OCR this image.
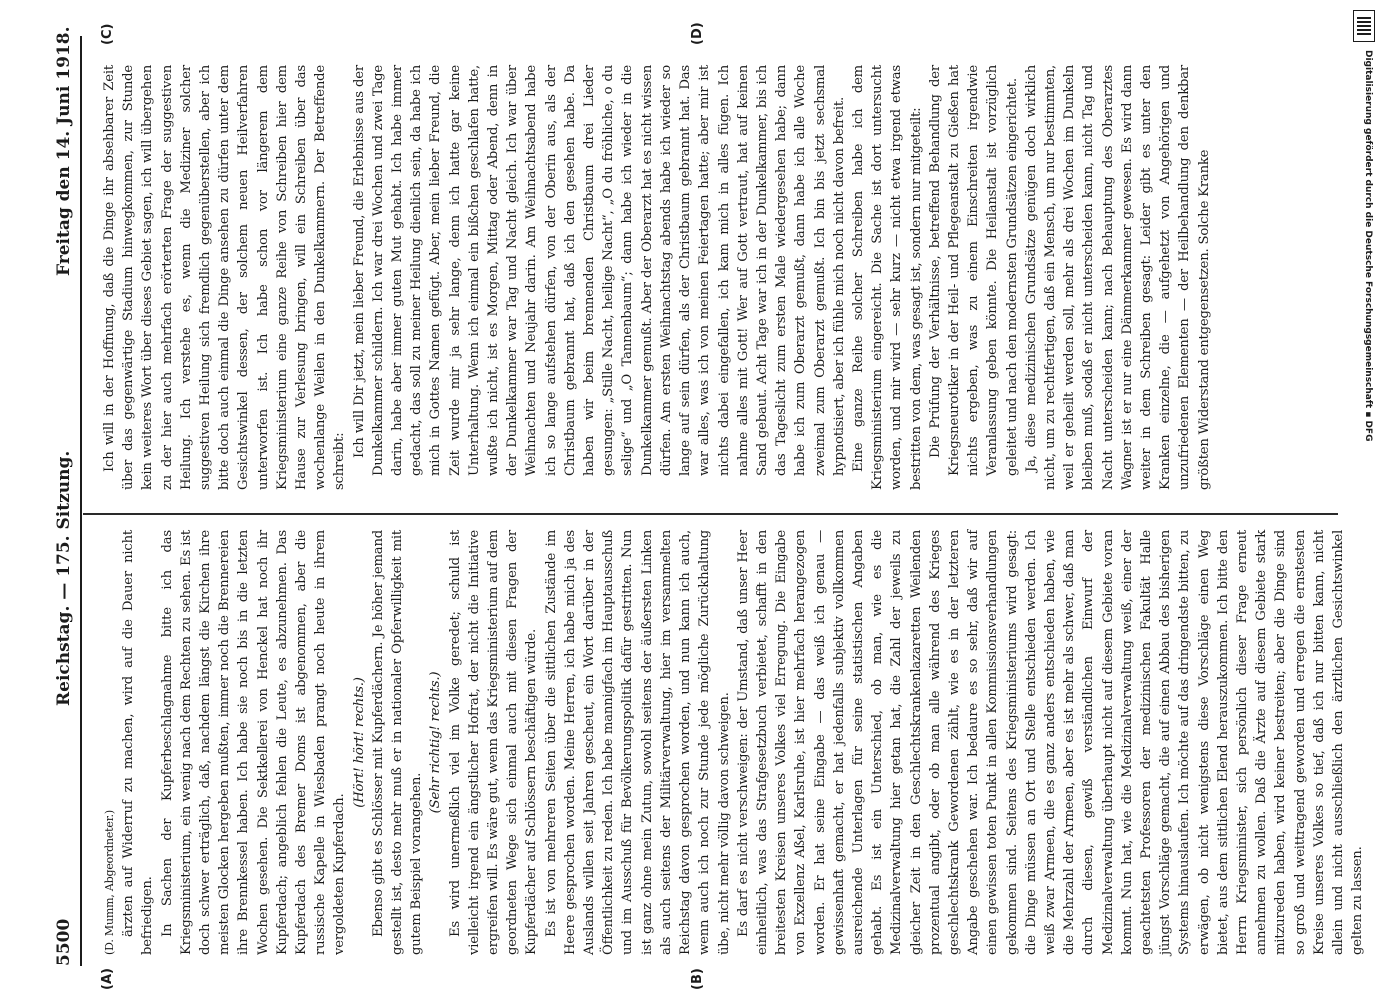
5500
Reichstag. — 175. Sitzung.
Freitag den 14. Juni 1918.
(A)	(B)
(C)	(D)

(D. Mumm, Abgeordneter.) ärzten auf Widerruf zu machen, wird auf die Dauer nicht befriedigen. In Sachen der Kupferbeschlagnahme bitte ich das Kriegsministerium, ein wenig nach dem Rechten zu sehen. Es ist doch schwer erträglich, daß, nachdem längst die Kirchen ihre meisten Glocken hergeben mußten, immer noch die Brennereien ihre Brennkessel haben. Ich habe sie noch bis in die letzten Wochen gesehen. Die Sektkellerei von Henckel hat noch ihr Kupferdach; angeblich fehlen die Leute, es abzunehmen. Das Kupferdach des Bremer Doms ist abgenommen, aber die russische Kapelle in Wiesbaden prangt noch heute in ihrem vergoldeten Kupferdach.

(Hört! hört! rechts.) Ebenso gibt es Schlösser mit Kupferdächern. Je höher jemand gestellt ist, desto mehr muß er in nationaler Opferwilligkeit mit gutem Beispiel vorangehen.

(Sehr richtig! rechts.) Es wird unermeßlich viel im Volke geredet; schuld ist vielleicht irgend ein ängstlicher Hofrat, der nicht die Initiative ergreifen will. Es wäre gut, wenn das Kriegsministerium auf dem geordneten Wege sich einmal auch mit diesen Fragen der Kupferdächer auf Schlössern beschäftigen würde. Es ist von mehreren Seiten über die sittlichen Zustände im Heere gesprochen worden. Meine Herren, ich habe mich ja des Auslands willen seit Jahren gescheut, ein Wort darüber in der Öffentlichkeit zu reden. Ich habe mannigfach im Hauptausschuß und im Ausschuß für Bevölkerungspolitik dafür gestritten. Nun ist ganz ohne mein Zutun, sowohl seitens der äußersten Linken als auch seitens der Militärverwaltung, hier im versammelten Reichstag davon gesprochen worden, und nun kann ich auch, wenn auch ich noch zur Stunde jede mögliche Zurückhaltung übe, nicht mehr völlig davon schweigen. Es darf es nicht verschweigen: der Umstand, daß unser Heer einheitlich, was das Strafgesetzbuch verbietet, schafft in den breitesten Kreisen unseres Volkes viel Erregung. Die Eingabe von Exzellenz Aßel, Karlsruhe, ist hier mehrfach herangezogen worden. Er hat seine Eingabe — das weiß ich genau — gewissenhaft gemacht, er hat jedenfalls subjektiv vollkommen ausreichende Unterlagen für seine statistischen Angaben gehabt. Es ist ein Unterschied, ob man, wie es die Medizinalverwaltung hier getan hat, die Zahl der jeweils zu gleicher Zeit in den Geschlechtskrankenlazaretten Weilenden prozentual angibt, oder ob man alle während des Krieges geschlechtskrank Gewordenen zählt, wie es in der letzteren Angabe geschehen war. Ich bedaure es so sehr, daß wir auf einen gewissen toten Punkt in allen Kommissionsverhandlungen gekommen sind. Seitens des Kriegsministeriums wird gesagt: die Dinge müssen an Ort und Stelle entschieden werden. Ich weiß zwar Armeen, die es ganz anders entschieden haben, wie die Mehrzahl der Armeen, aber es ist mehr als schwer, daß man durch diesen, gewiß verständlichen Einwurf der Medizinalverwaltung überhaupt nicht auf diesem Gebiete voran kommt. Nun hat, wie die Medizinalverwaltung weiß, einer der geachtetsten Professoren der medizinischen Fakultät Halle jüngst Vorschläge gemacht, die auf einen Abbau des bisherigen Systems hinauslaufen. Ich möchte auf das dringendste bitten, zu erwägen, ob nicht wenigstens diese Vorschläge einen Weg bietet, aus dem sittlichen Elend herauszukommen. Ich bitte den Herrn Kriegsminister, sich persönlich dieser Frage erneut annehmen zu wollen. Daß die Ärzte auf diesem Gebiete stark mitzureden haben, wird keiner bestreiten; aber die Dinge sind so groß und weittragend geworden und erregen die ernstesten Kreise unseres Volkes so tief, daß ich nur bitten kann, nicht allein und nicht ausschließlich den ärztlichen Gesichtswinkel gelten zu lassen.

Ich will in der Hoffnung, daß die Dinge ihr absehbarer Zeit über das gegenwärtige Stadium hinwegkommen, zur Stunde kein weiteres Wort über dieses Gebiet sagen, ich will übergehen zu der hier auch mehrfach erörterten Frage der suggestiven Heilung. Ich verstehe es, wenn die Mediziner solcher suggestiven Heilung sich fremdlich gegenüberstellen, aber ich bitte doch auch einmal die Dinge ansehen zu dürfen unter dem Gesichtswinkel dessen, der solchem neuen Heilverfahren unterworfen ist. Ich habe schon vor längerem dem Kriegsministerium eine ganze Reihe von Schreiben hier dem Hause zur Verlesung bringen, will ein Schreiben über das wochenlange Weilen in den Dunkelkammern. Der Betreffende schreibt:

Ich will Dir jetzt, mein lieber Freund, die Erlebnisse aus der Dunkelkammer schildern. Ich war drei Wochen und zwei Tage darin, habe aber immer guten Mut gehabt. Ich habe immer gedacht, das soll zu meiner Heilung dienlich sein, da habe ich mich in Gottes Namen gefügt. Aber, mein lieber Freund, die Zeit wurde mir ja sehr lange, denn ich hatte gar keine Unterhaltung. Wenn ich einmal ein bißchen geschlafen hatte, wußte ich nicht, ist es Morgen, Mittag oder Abend, denn in der Dunkelkammer war Tag und Nacht gleich. Ich war über Weihnachten und Neujahr darin. Am Weihnachtsabend habe ich so lange aufstehen dürfen, von der Oberin aus, als der Christbaum gebrannt hat, daß ich den gesehen habe. Da haben wir beim brennenden Christbaum drei Lieder gesungen: „Stille Nacht, heilige Nacht“, „O du fröhliche, o du selige“ und „O Tannenbaum“; dann habe ich wieder in die Dunkelkammer gemußt. Aber der Oberarzt hat es nicht wissen dürfen. Am ersten Weihnachtstag abends habe ich wieder so lange auf sein dürfen, als der Christbaum gebrannt hat. Das war alles, was ich von meinen Feiertagen hatte; aber mir ist nichts dabei eingefallen, ich kam mich in alles fügen. Ich nahme alles mit Gott! Wer auf Gott vertraut, hat auf keinen Sand gebaut. Acht Tage war ich in der Dunkelkammer, bis ich das Tageslicht zum ersten Male wiedergesehen habe; dann habe ich zum Oberarzt gemußt, dann habe ich alle Woche zweimal zum Oberarzt gemußt. Ich bin bis jetzt sechsmal hypnotisiert, aber ich fühle mich noch nicht davon befreit. Eine ganze Reihe solcher Schreiben habe ich dem Kriegsministerium eingereicht. Die Sache ist dort untersucht worden, und mir wird — sehr kurz — nicht etwa irgend etwas bestritten von dem, was gesagt ist, sondern nur mitgeteilt: Die Prüfung der Verhältnisse, betreffend Behandlung der Kriegsneurotiker in der Heil- und Pflegeanstalt zu Gießen hat nichts ergeben, was zu einem Einschreiten irgendwie Veranlassung geben könnte. Die Heilanstalt ist vorzüglich geleitet und nach den modernsten Grundsätzen eingerichtet. Ja, diese medizinischen Grundsätze genügen doch wirklich nicht, um zu rechtfertigen, daß ein Mensch, um nur bestimmten, weil er geheilt werden soll, mehr als drei Wochen im Dunkeln bleiben muß, sodaß er nicht unterscheiden kann, nicht Tag und Nacht unterscheiden kann; nach Behauptung des Oberarztes Wagner ist er nur eine Dämmerkammer gewesen. Es wird dann weiter in dem Schreiben gesagt: Leider gibt es unter den Kranken einzelne, die — aufgehetzt von Angehörigen und unzufriedenen Elementen — der Heilbehandlung den denkbar größten Widerstand entgegensetzen. Solche Kranke	Digitalisierung gefördert durch die Deutsche Forschungsgemeinschaft ▪ DFG
